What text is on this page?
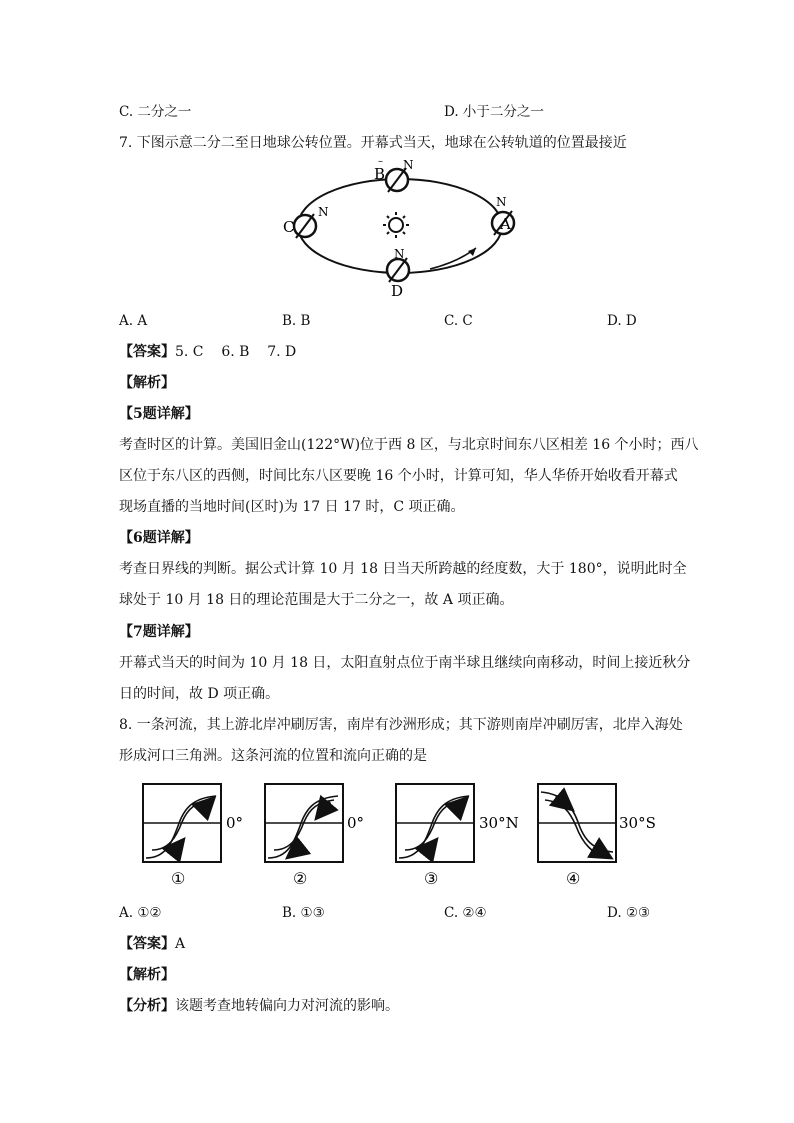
C. 二分之一	D. 小于二分之一
7. 下图示意二分二至日地球公转位置。开幕式当天，地球在公转轨道的位置最接近
B
– N
C
N
N
A
N
D
A. A	B. B	C. C	D. D
【答案】5. C    6. B    7. D
【解析】
【5题详解】
考查时区的计算。美国旧金山(122°W)位于西 8 区，与北京时间东八区相差 16 个小时；西八
区位于东八区的西侧，时间比东八区要晚 16 个小时，计算可知，华人华侨开始收看开幕式
现场直播的当地时间(区时)为 17 日 17 时，C 项正确。
【6题详解】
考查日界线的判断。据公式计算 10 月 18 日当天所跨越的经度数，大于 180°，说明此时全
球处于 10 月 18 日的理论范围是大于二分之一，故 A 项正确。
【7题详解】
开幕式当天的时间为 10 月 18 日，太阳直射点位于南半球且继续向南移动，时间上接近秋分
日的时间，故 D 项正确。
8. 一条河流，其上游北岸冲刷厉害，南岸有沙洲形成；其下游则南岸冲刷厉害，北岸入海处
形成河口三角洲。这条河流的位置和流向正确的是
0°
①
0°
②
30°N
③
30°S
④
A. ①②	B. ①③	C. ②④	D. ②③
【答案】A
【解析】
【分析】该题考查地转偏向力对河流的影响。
